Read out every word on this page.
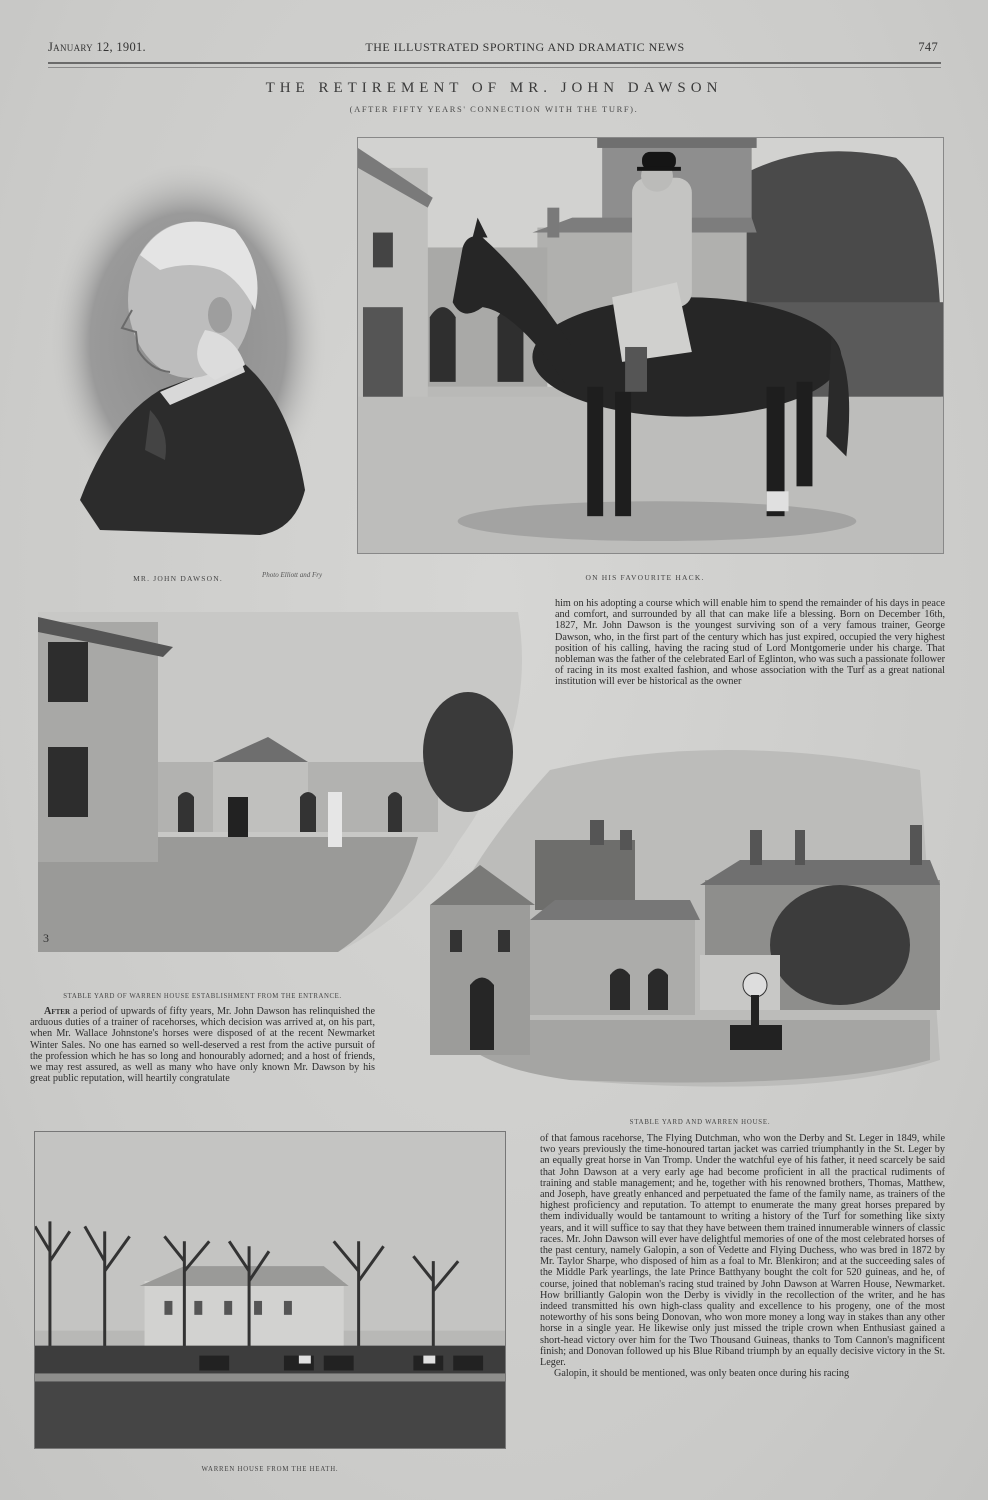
January 12, 1901.	THE ILLUSTRATED SPORTING AND DRAMATIC NEWS	747
THE RETIREMENT OF MR. JOHN DAWSON
(AFTER FIFTY YEARS' CONNECTION WITH THE TURF).
MR. JOHN DAWSON.	Photo Elliott and Fry	ON HIS FAVOURITE HACK.

him on his adopting a course which will enable him to spend the remainder of his days in peace and comfort, and surrounded by all that can make life a blessing. Born on December 16th, 1827, Mr. John Dawson is the youngest surviving son of a very famous trainer, George Dawson, who, in the first part of the century which has just expired, occupied the very highest position of his calling, having the racing stud of Lord Montgomerie under his charge. That nobleman was the father of the celebrated Earl of Eglinton, who was such a passionate follower of racing in its most exalted fashion, and whose association with the Turf as a great national institution will ever be historical as the owner

3
STABLE YARD OF WARREN HOUSE ESTABLISHMENT FROM THE ENTRANCE.

After a period of upwards of fifty years, Mr. John Dawson has relinquished the arduous duties of a trainer of racehorses, which decision was arrived at, on his part, when Mr. Wallace Johnstone's horses were disposed of at the recent Newmarket Winter Sales. No one has earned so well-deserved a rest from the active pursuit of the profession which he has so long and honourably adorned; and a host of friends, we may rest assured, as well as many who have only known Mr. Dawson by his great public reputation, will heartily congratulate

STABLE YARD AND WARREN HOUSE.

of that famous racehorse, The Flying Dutchman, who won the Derby and St. Leger in 1849, while two years previously the time-honoured tartan jacket was carried triumphantly in the St. Leger by an equally great horse in Van Tromp. Under the watchful eye of his father, it need scarcely be said that John Dawson at a very early age had become proficient in all the practical rudiments of training and stable management; and he, together with his renowned brothers, Thomas, Matthew, and Joseph, have greatly enhanced and perpetuated the fame of the family name, as trainers of the highest proficiency and reputation. To attempt to enumerate the many great horses prepared by them individually would be tantamount to writing a history of the Turf for something like sixty years, and it will suffice to say that they have between them trained innumerable winners of classic races. Mr. John Dawson will ever have delightful memories of one of the most celebrated horses of the past century, namely Galopin, a son of Vedette and Flying Duchess, who was bred in 1872 by Mr. Taylor Sharpe, who disposed of him as a foal to Mr. Blenkiron; and at the succeeding sales of the Middle Park yearlings, the late Prince Batthyany bought the colt for 520 guineas, and he, of course, joined that nobleman's racing stud trained by John Dawson at Warren House, Newmarket. How brilliantly Galopin won the Derby is vividly in the recollection of the writer, and he has indeed transmitted his own high-class quality and excellence to his progeny, one of the most noteworthy of his sons being Donovan, who won more money a long way in stakes than any other horse in a single year. He likewise only just missed the triple crown when Enthusiast gained a short-head victory over him for the Two Thousand Guineas, thanks to Tom Cannon's magnificent finish; and Donovan followed up his Blue Riband triumph by an equally decisive victory in the St. Leger.

Galopin, it should be mentioned, was only beaten once during his racing

WARREN HOUSE FROM THE HEATH.
